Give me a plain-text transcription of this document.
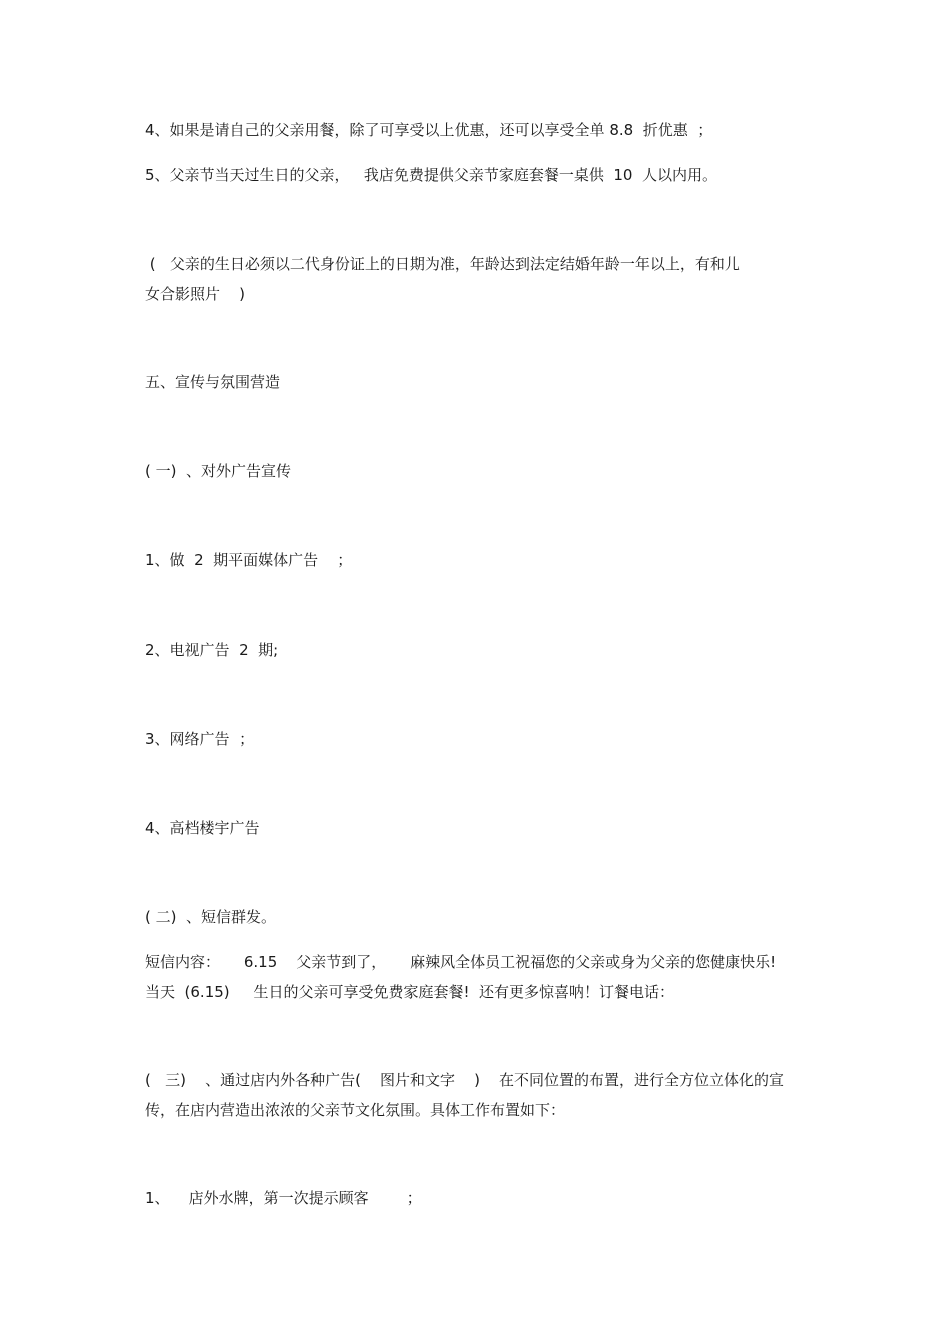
4、如果是请自己的父亲用餐，除了可享受以上优惠，还可以享受全单 8.8  折优惠  ；

5、父亲节当天过生日的父亲，   我店免费提供父亲节家庭套餐一桌供  10  人以内用。

(   父亲的生日必须以二代身份证上的日期为准，年龄达到法定结婚年龄一年以上，有和儿

女合影照片    )

五、宣传与氛围营造

( 一)  、对外广告宣传

1、做  2  期平面媒体广告    ；

2、电视广告  2  期;

3、网络广告  ；

4、高档楼宇广告

( 二)  、短信群发。

短信内容：     6.15    父亲节到了，     麻辣风全体员工祝福您的父亲或身为父亲的您健康快乐!

当天  (6.15)     生日的父亲可享受免费家庭套餐!  还有更多惊喜呐！订餐电话：

(   三)    、通过店内外各种广告(    图片和文字    )    在不同位置的布置，进行全方位立体化的宣

传，在店内营造出浓浓的父亲节文化氛围。具体工作布置如下：

1、    店外水牌，第一次提示顾客        ；
